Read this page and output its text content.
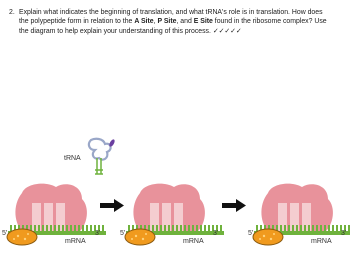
2. Explain what indicates the beginning of translation, and what tRNA's role is in translation. How does the polypeptide form in relation to the A Site, P Site, and E Site found in the ribosome complex? Use the diagram to help explain your understanding of this process. ✓✓✓✓✓
tRNA
5'	3'
mRNA
5'	3'
mRNA
5'	3'
mRNA
